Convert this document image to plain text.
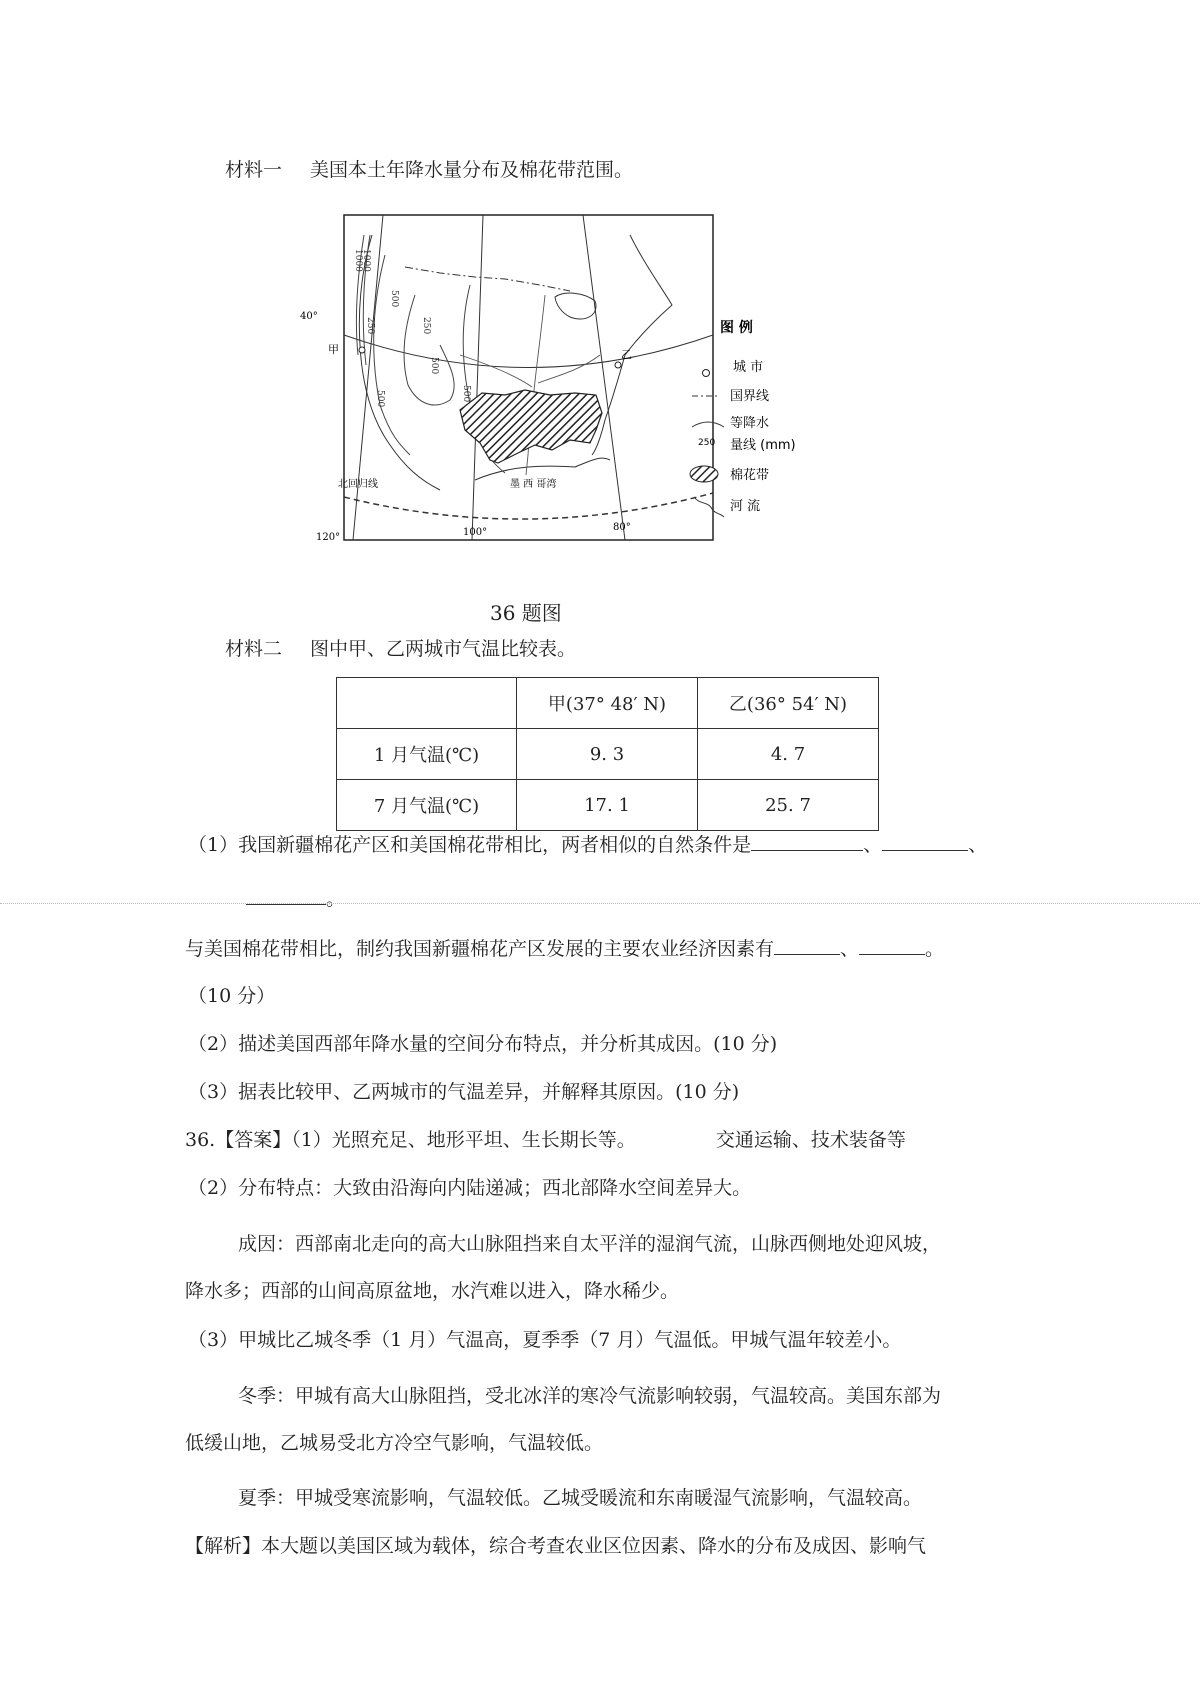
材料一 美国本土年降水量分布及棉花带范围。
甲	乙
1000
1000
500
250	250
500
500
500
40°
120°	100°	80°
北回归线	墨 西 哥湾
图 例
城 市
国界线
250
等降水
量线 (mm)
棉花带
河 流
36 题图
材料二 图中甲、乙两城市气温比较表。
	甲(37° 48′ N)	乙(36° 54′ N)
1 月气温(℃)	9. 3	4. 7
7 月气温(℃)	17. 1	25. 7
（1）我国新疆棉花产区和美国棉花带相比，两者相似的自然条件是	、	、
。
与美国棉花带相比，制约我国新疆棉花产区发展的主要农业经济因素有	、	。
（10 分）
（2）描述美国西部年降水量的空间分布特点，并分析其成因。(10 分)
（3）据表比较甲、乙两城市的气温差异，并解释其原因。(10 分)
36.【答案】（1）光照充足、地形平坦、生长期长等。	交通运输、技术装备等
（2）分布特点：大致由沿海向内陆递减；西北部降水空间差异大。
成因：西部南北走向的高大山脉阻挡来自太平洋的湿润气流，山脉西侧地处迎风坡，
降水多；西部的山间高原盆地，水汽难以进入，降水稀少。
（3）甲城比乙城冬季（1 月）气温高，夏季季（7 月）气温低。甲城气温年较差小。
冬季：甲城有高大山脉阻挡，受北冰洋的寒冷气流影响较弱，气温较高。美国东部为
低缓山地，乙城易受北方冷空气影响，气温较低。
夏季：甲城受寒流影响，气温较低。乙城受暖流和东南暖湿气流影响，气温较高。
【解析】本大题以美国区域为载体，综合考查农业区位因素、降水的分布及成因、影响气
